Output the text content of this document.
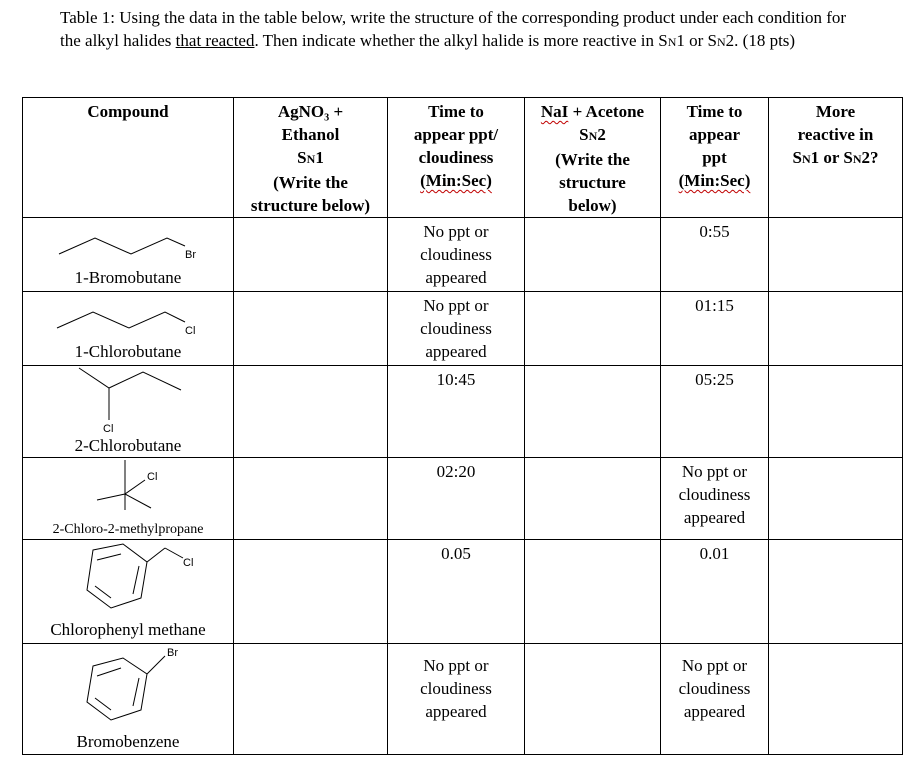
Table 1: Using the data in the table below, write the structure of the corresponding product under each condition for the alkyl halides that reacted. Then indicate whether the alkyl halide is more reactive in SN1 or SN2. (18 pts)
Compound	AgNO₃ +
Ethanol
SN1
(Write the
structure below)	Time to
appear ppt/
cloudiness
(Min:Sec)	NaI + Acetone
SN2
(Write the
structure
below)	Time to
appear
ppt
(Min:Sec)	More
reactive in
SN1 or SN2?

Br
1-Bromobutane		No ppt or
cloudiness
appeared		0:55	

Cl
1-Chlorobutane		No ppt or
cloudiness
appeared		01:15	

Cl
2-Chlorobutane		10:45		05:25	

Cl
2-Chloro-2-methylpropane		02:20		No ppt or
cloudiness
appeared	

Cl
Chlorophenyl methane		0.05		0.01	

Br
Bromobenzene		No ppt or
cloudiness
appeared		No ppt or
cloudiness
appeared	
